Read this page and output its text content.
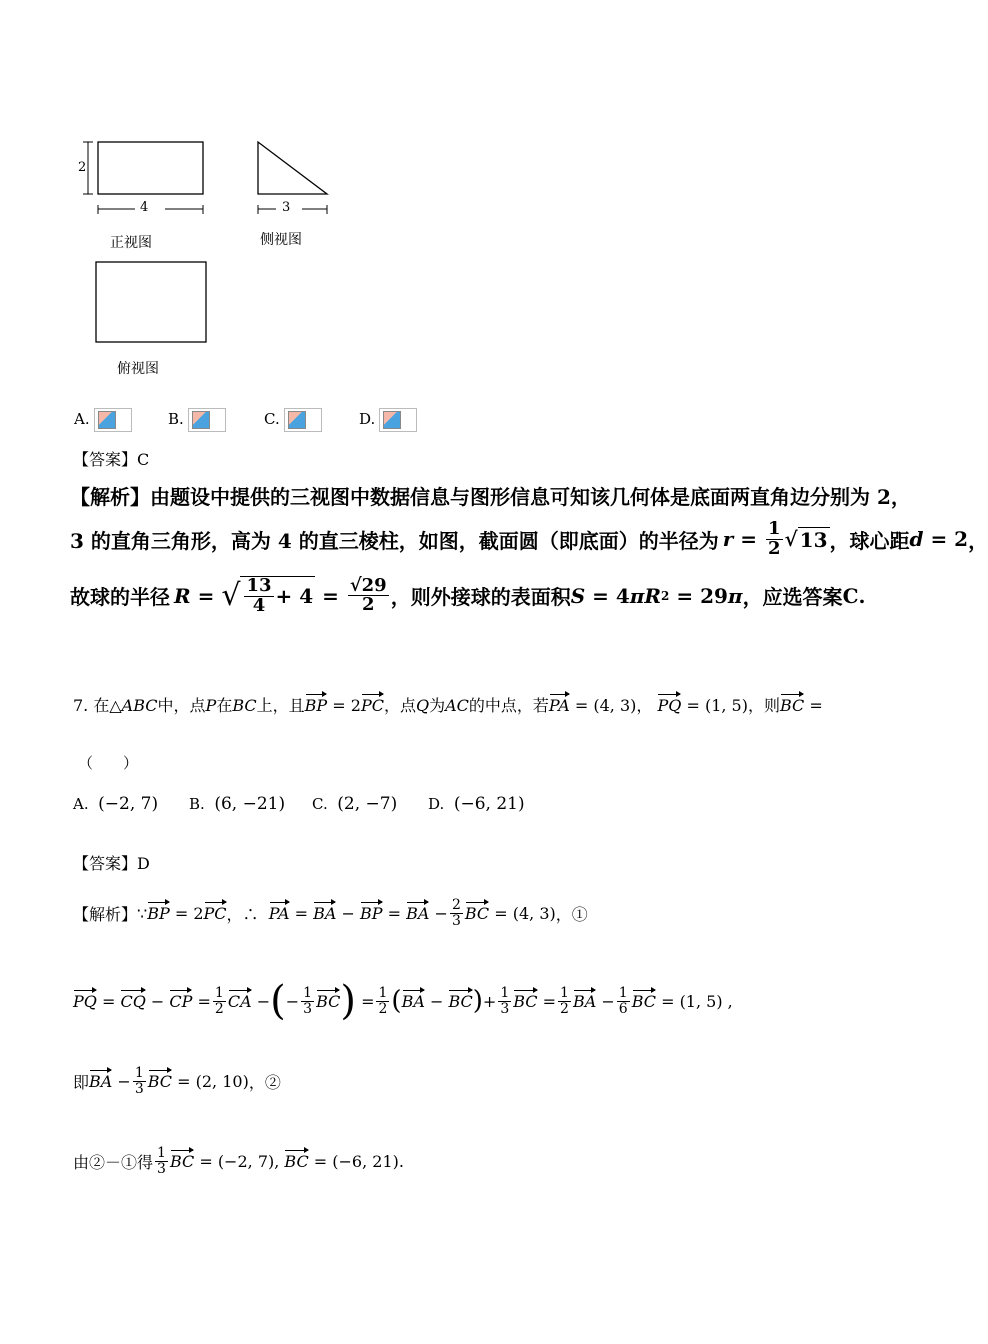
2
4	3
正视图	侧视图
俯视图
A.	B.	C.	D.
【答案】C
【解析】由题设中提供的三视图中数据信息与图形信息可知该几何体是底面两直角边分别为 2，
3 的直角三角形，高为 4 的直三棱柱，如图，截面圆（即底面）的半径为 $r = \frac{1}{2}$ √ 13 ，球心距 d = 2 ，
故球的半径 R = √ $\frac{13}{4} + 4 = \frac{√29}{2}$ ，则外接球的表面积 S = 4 πR 2 = 29 π ，应选答案 C .
7.
在△ ABC 中，点 P 在 BC 上，且 BP = 2 PC ，点 Q 为 AC 的中点，若 PA = (4, 3) ，
PQ = (1, 5) ，则 BC =
（　　）
A. (−2, 7) B. (6, −21) C. (2, −7) D. (−6, 21)
【答案】D
【解析】 ∵ BP = 2 PC ，∴
PA = BA − BP = BA − $\frac{2}{3}$ BC = (4, 3) ，①
PQ = CQ − CP = $\frac{1}{2}$ CA − ( − $\frac{1}{3}$ BC ) = $\frac{1}{2}$ ( BA − BC ) + $\frac{1}{3}$ BC = $\frac{1}{2}$ BA − $\frac{1}{6}$ BC = (1, 5) ,
即 BA − $\frac{1}{3}$ BC = (2, 10) ，②
由②－①得 $\frac{1}{3}$ BC = (−2, 7), BC = (−6, 21) .
